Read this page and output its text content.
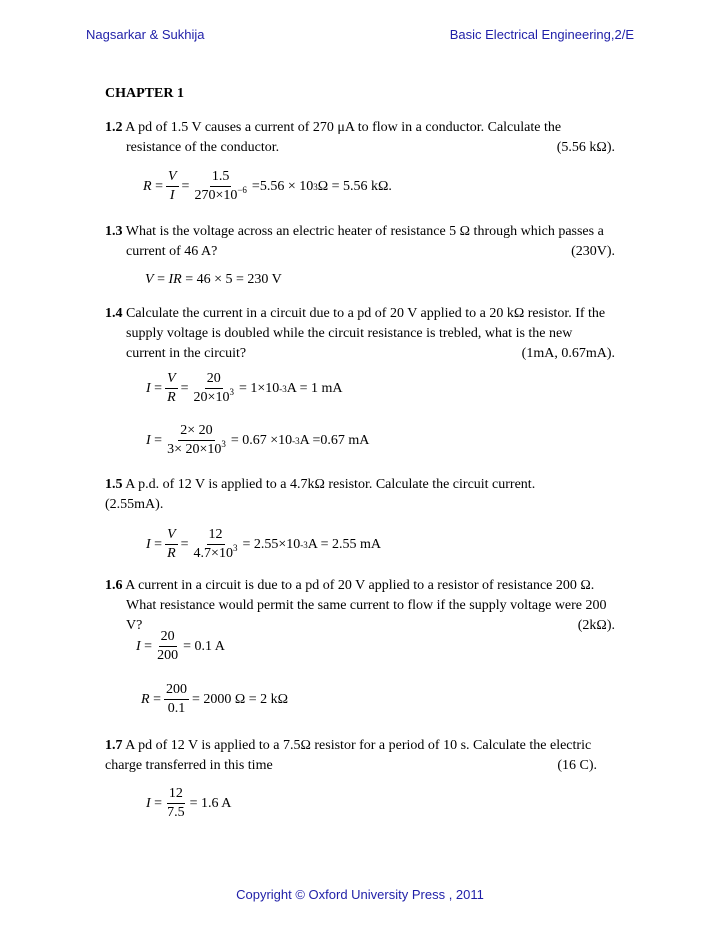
Nagsarkar & Sukhija	Basic Electrical Engineering,2/E
CHAPTER 1
1.2 A pd of 1.5 V causes a current of 270 μA to flow in a conductor. Calculate the
resistance of the conductor.	(5.56 kΩ).
$R = \frac{V}{I} = \frac{1.5}{270\times 10^{-6}} =5.56 \times 10$ 3 Ω = 5.56 kΩ.
1.3 What is the voltage across an electric heater of resistance 5 Ω through which passes a
current of 46 A?	(230V).
V = IR
= 46 × 5 = 230 V
1.4 Calculate the current in a circuit due to a pd of 20 V applied to a 20 kΩ resistor. If the
supply voltage is doubled while the circuit resistance is trebled, what is the new
current in the circuit?	(1mA, 0.67mA).
$I = \frac{V}{R} = \frac{20}{20\times 10^3} = 1\times 10$ -3 A = 1 mA
$I = \frac{2\times 20}{3\times 20\times 10^3} = 0.67 \times 10$ -3 A =0.67 mA
1.5 A p.d. of 12 V is applied to a 4.7kΩ resistor. Calculate the circuit current.
(2.55mA).
$I = \frac{V}{R} = \frac{12}{4.7\times 10^3} = 2.55\times 10$ -3 A = 2.55 mA
1.6 A current in a circuit is due to a pd of 20 V applied to a resistor of resistance 200 Ω.
What resistance would permit the same current to flow if the supply voltage were 200
V?	(2kΩ).
$I = \frac{20}{200} = 0.1$ A
$R = \frac{200}{0.1} = 2000$ Ω = 2 kΩ
1.7 A pd of 12 V is applied to a 7.5Ω resistor for a period of 10 s. Calculate the electric
charge transferred in this time	(16 C).
$I = \frac{12}{7.5} = 1.6$ A
Copyright © Oxford University Press , 2011
